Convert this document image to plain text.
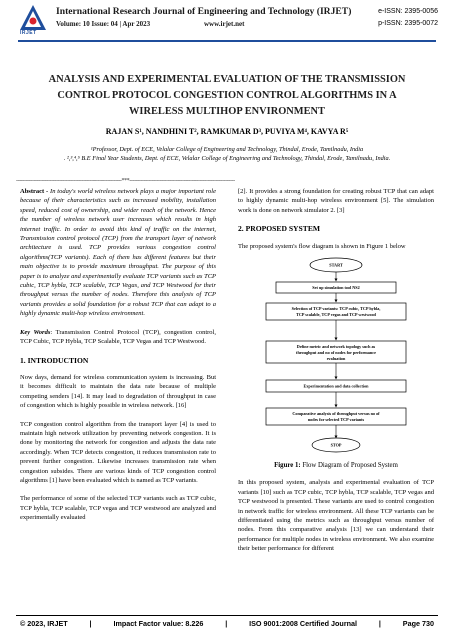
IRJET
International Research Journal of Engineering and Technology (IRJET)
Volume: 10 Issue: 04 | Apr 2023	www.irjet.net
e-ISSN: 2395-0056
p-ISSN: 2395-0072
ANALYSIS AND EXPERIMENTAL EVALUATION OF THE TRANSMISSION CONTROL PROTOCOL CONGESTION CONTROL ALGORITHMS IN A WIRELESS MULTIHOP ENVIRONMENT
RAJAN S¹, NANDHINI T², RAMKUMAR D³, PUVIYA M⁴, KAVYA R⁵
¹Professor, Dept. of ECE, Velalar College of Engineering and Technology, Thindal, Erode, Tamilnadu, India
. ²,³,⁴,⁵ B.E Final Year Students, Dept. of ECE, Velalar College of Engineering and Technology, Thindal, Erode, Tamilnadu, India.
------------------------------------------------------------------***------------------------------------------------------------------

Abstract - In today's world wireless network plays a major important role because of their characteristics such as increased mobility, installation speed, reduced cost of ownership, and wider reach of the network. Hence the number of wireless network user increases which results in high internet traffic. In order to avoid this kind of traffic on the internet, Transmission control protocol (TCP) from the transport layer of network architecture is used. TCP provides various congestion control algorithms(TCP variants). Each of them has different features but their main objective is to provide maximum throughput. The purpose of this paper is to analyze and experimentally evaluate TCP variants such as TCP cubic, TCP hybla, TCP scalable, TCP Vegas, and TCP Westwood for their throughput versus the number of nodes. Therefore this analysis of TCP variants provides a solid foundation for a robust TCP that can adapt to a highly dynamic multi-hop wireless environment.

Key Words: Transmission Control Protocol (TCP), congestion control, TCP Cubic, TCP Hybla, TCP Scalable, TCP Vegas and TCP Westwood.

1. INTRODUCTION

Now days, demand for wireless communication system is increasing. But it becomes difficult to maintain the data rate because of multiple competing senders [14]. It may lead to degradation of throughput in case of congestion which is highly possible in wireless network. [16]

TCP congestion control algorithm from the transport layer [4] is used to maintain high network utilization by preventing network congestion. It is done by monitoring the network for congestion and adjusts the data rate accordingly. When TCP detects congestion, it reduces transmission rate to prevent further congestion. Likewise increases transmission rate when congestion subsides. There are various kinds of TCP congestion control algorithms [1] have been evaluated which is named as TCP variants.

The performance of some of the selected TCP variants such as TCP cubic, TCP hybla, TCP scalable, TCP vegas and TCP westwood are analyzed and experimentally evaluated

[2]. It provides a strong foundation for creating robust TCP that can adapt to highly dynamic multi-hop wireless environment [5]. The simulation work is done on network simulator 2. [3]

2. PROPOSED SYSTEM

The proposed system's flow diagram is shown in Figure 1 below

START
Set up simulation tool NS2
Selection of TCP variants: TCP cubic, TCP hybla,
TCP scalable, TCP vegas and TCP westwood
Define metric and network topology such as
throughput and no of nodes for performance
evaluation
Experimentation and data collection
Comparative analysis of throughput versus no of
nodes for selected TCP variants
STOP
Figure 1: Flow Diagram of Proposed System

In this proposed system, analysis and experimental evaluation of TCP variants [10] such as TCP cubic, TCP hybla, TCP scalable, TCP vegas and TCP westwood is presented. These variants are used to control congestion in network traffic for wireless environment. All these TCP variants can be differentiated using the metrics such as throughput versus number of nodes. From this comparative analysis [13] we can understand their performance for multiple nodes in wireless environment. We also examine their better performance for different

© 2023, IRJET	|	Impact Factor value: 8.226	|	ISO 9001:2008 Certified Journal	|	Page 730
